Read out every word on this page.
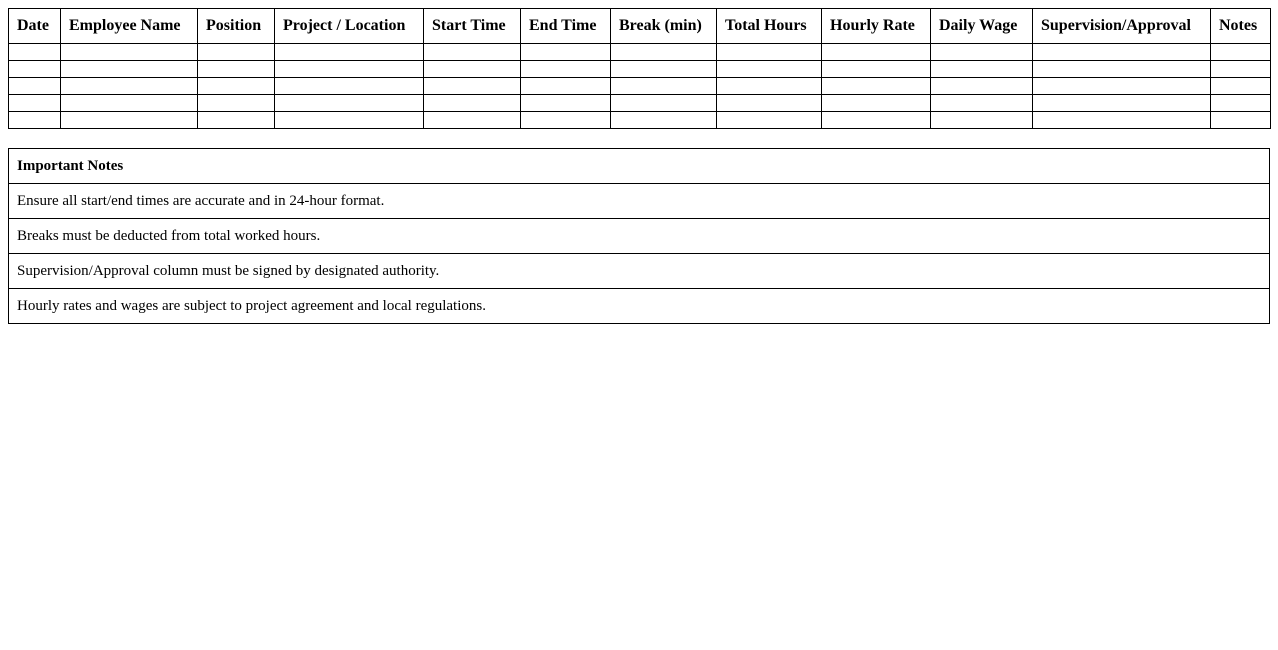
Date	Employee Name	Position	Project / Location	Start Time	End Time	Break (min)	Total Hours	Hourly Rate	Daily Wage	Supervision/Approval	Notes

Important Notes
Ensure all start/end times are accurate and in 24-hour format.
Breaks must be deducted from total worked hours.
Supervision/Approval column must be signed by designated authority.
Hourly rates and wages are subject to project agreement and local regulations.
